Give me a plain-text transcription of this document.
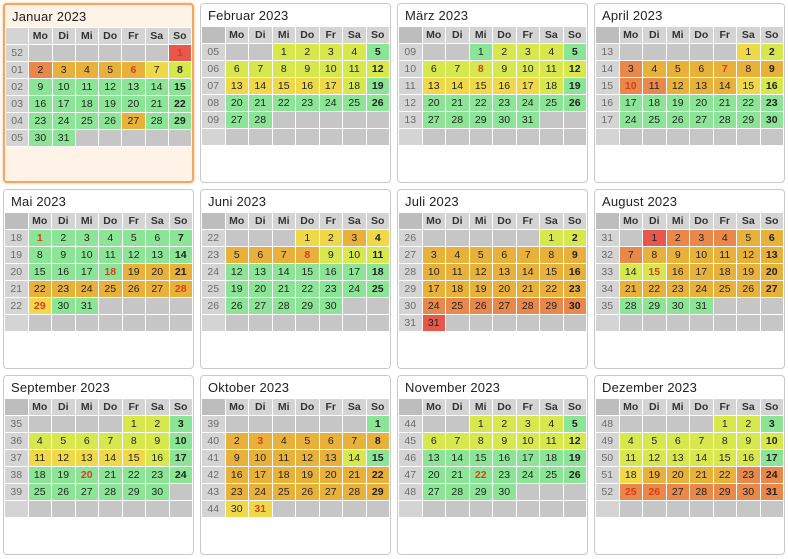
Januar 2023
	Mo	Di	Mi	Do	Fr	Sa	So
52							1
01	2	3	4	5	6	7	8
02	9	10	11	12	13	14	15
03	16	17	18	19	20	21	22
04	23	24	25	26	27	28	29
05	30	31					
Februar 2023
	Mo	Di	Mi	Do	Fr	Sa	So
05			1	2	3	4	5
06	6	7	8	9	10	11	12
07	13	14	15	16	17	18	19
08	20	21	22	23	24	25	26
09	27	28					

März 2023
	Mo	Di	Mi	Do	Fr	Sa	So
09			1	2	3	4	5
10	6	7	8	9	10	11	12
11	13	14	15	16	17	18	19
12	20	21	22	23	24	25	26
13	27	28	29	30	31		

April 2023
	Mo	Di	Mi	Do	Fr	Sa	So
13						1	2
14	3	4	5	6	7	8	9
15	10	11	12	13	14	15	16
16	17	18	19	20	21	22	23
17	24	25	26	27	28	29	30

Mai 2023
	Mo	Di	Mi	Do	Fr	Sa	So
18	1	2	3	4	5	6	7
19	8	9	10	11	12	13	14
20	15	16	17	18	19	20	21
21	22	23	24	25	26	27	28
22	29	30	31				

Juni 2023
	Mo	Di	Mi	Do	Fr	Sa	So
22				1	2	3	4
23	5	6	7	8	9	10	11
24	12	13	14	15	16	17	18
25	19	20	21	22	23	24	25
26	26	27	28	29	30		

Juli 2023
	Mo	Di	Mi	Do	Fr	Sa	So
26						1	2
27	3	4	5	6	7	8	9
28	10	11	12	13	14	15	16
29	17	18	19	20	21	22	23
30	24	25	26	27	28	29	30
31	31						
August 2023
	Mo	Di	Mi	Do	Fr	Sa	So
31		1	2	3	4	5	6
32	7	8	9	10	11	12	13
33	14	15	16	17	18	19	20
34	21	22	23	24	25	26	27
35	28	29	30	31			

September 2023
	Mo	Di	Mi	Do	Fr	Sa	So
35					1	2	3
36	4	5	6	7	8	9	10
37	11	12	13	14	15	16	17
38	18	19	20	21	22	23	24
39	25	26	27	28	29	30	

Oktober 2023
	Mo	Di	Mi	Do	Fr	Sa	So
39							1
40	2	3	4	5	6	7	8
41	9	10	11	12	13	14	15
42	16	17	18	19	20	21	22
43	23	24	25	26	27	28	29
44	30	31					
November 2023
	Mo	Di	Mi	Do	Fr	Sa	So
44			1	2	3	4	5
45	6	7	8	9	10	11	12
46	13	14	15	16	17	18	19
47	20	21	22	23	24	25	26
48	27	28	29	30			

Dezember 2023
	Mo	Di	Mi	Do	Fr	Sa	So
48					1	2	3
49	4	5	6	7	8	9	10
50	11	12	13	14	15	16	17
51	18	19	20	21	22	23	24
52	25	26	27	28	29	30	31
